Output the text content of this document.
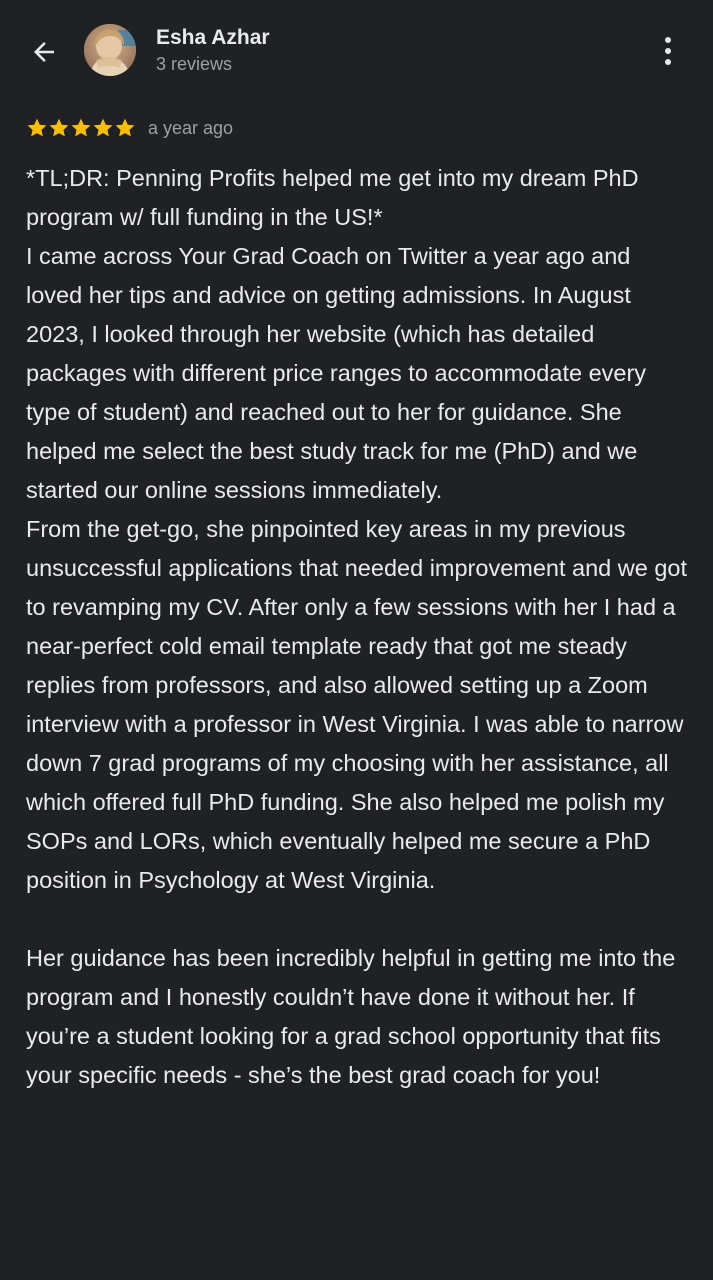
Esha Azhar
3 reviews
a year ago

*TL;DR: Penning Profits helped me get into my dream PhD program w/ full funding in the US!*

I came across Your Grad Coach on Twitter a year ago and loved her tips and advice on getting admissions. In August 2023, I looked through her website (which has detailed packages with different price ranges to accommodate every type of student) and reached out to her for guidance. She helped me select the best study track for me (PhD) and we started our online sessions immediately.

From the get-go, she pinpointed key areas in my previous unsuccessful applications that needed improvement and we got to revamping my CV. After only a few sessions with her I had a near-perfect cold email template ready that got me steady replies from professors, and also allowed setting up a Zoom interview with a professor in West Virginia. I was able to narrow down 7 grad programs of my choosing with her assistance, all which offered full PhD funding. She also helped me polish my SOPs and LORs, which eventually helped me secure a PhD position in Psychology at West Virginia.

Her guidance has been incredibly helpful in getting me into the program and I honestly couldn’t have done it without her. If you’re a student looking for a grad school opportunity that fits your specific needs - she’s the best grad coach for you!
